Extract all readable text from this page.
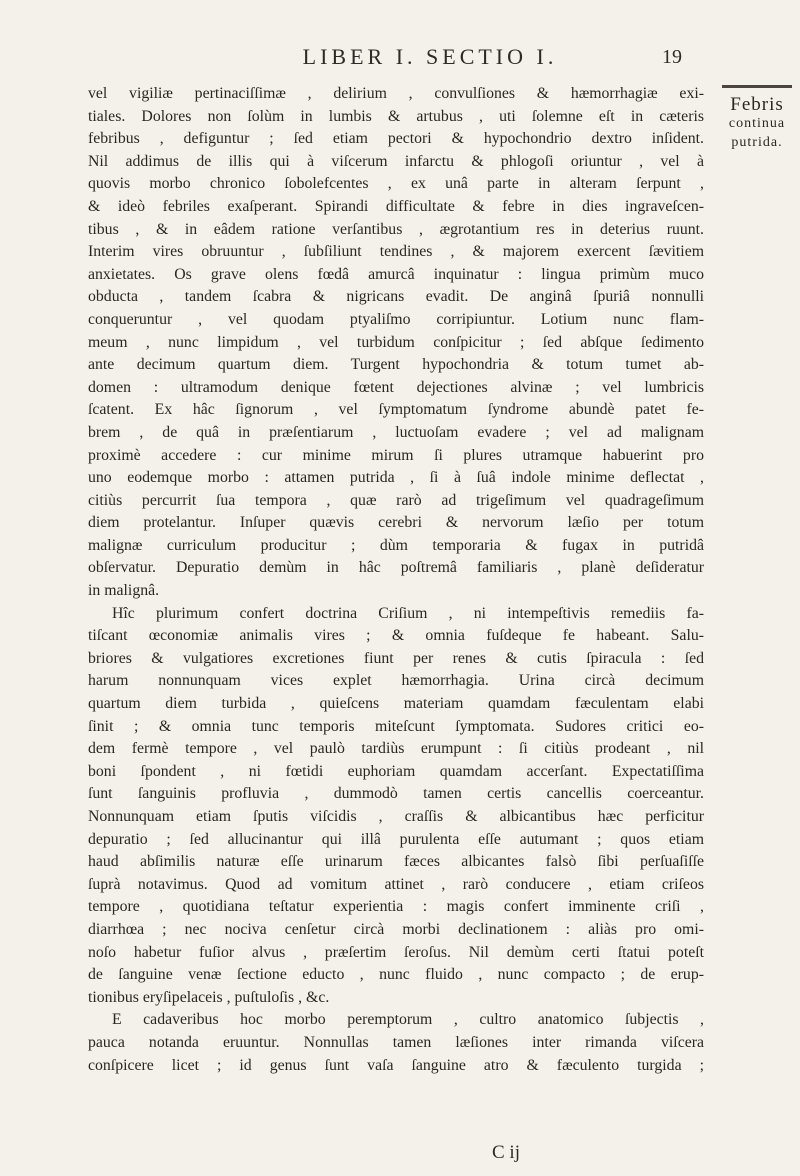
LIBER I. SECTIO I.	19
Febris
continua
putrida.
vel vigiliæ pertinaciſſimæ , delirium , convulſiones & hæmorrhagiæ exi-
tiales. Dolores non ſolùm in lumbis & artubus , uti ſolemne eſt in cæteris
febribus , defiguntur ; ſed etiam pectori & hypochondrio dextro inſident.
Nil addimus de illis qui à viſcerum infarctu & phlogoſi oriuntur , vel à
quovis morbo chronico ſobolefcentes , ex unâ parte in alteram ſerpunt ,
& ideò febriles exaſperant. Spirandi difficultate & febre in dies ingraveſcen-
tibus , & in eâdem ratione verſantibus , ægrotantium res in deterius ruunt.
Interim vires obruuntur , ſubſiliunt tendines , & majorem exercent ſævitiem
anxietates. Os grave olens fœdâ amurcâ inquinatur : lingua primùm muco
obducta , tandem ſcabra & nigricans evadit. De anginâ ſpuriâ nonnulli
conqueruntur , vel quodam ptyaliſmo corripiuntur. Lotium nunc flam-
meum , nunc limpidum , vel turbidum conſpicitur ; ſed abſque ſedimento
ante decimum quartum diem. Turgent hypochondria & totum tumet ab-
domen : ultramodum denique fœtent dejectiones alvinæ ; vel lumbricis
ſcatent. Ex hâc ſignorum , vel ſymptomatum ſyndrome abundè patet fe-
brem , de quâ in præſentiarum , luctuoſam evadere ; vel ad malignam
proximè accedere : cur minime mirum ſi plures utramque habuerint pro
uno eodemque morbo : attamen putrida , ſi à ſuâ indole minime deflectat ,
citiùs percurrit ſua tempora , quæ rarò ad trigeſimum vel quadrageſimum
diem protelantur. Inſuper quævis cerebri & nervorum læſio per totum
malignæ curriculum producitur ; dùm temporaria & fugax in putridâ
obſervatur. Depuratio demùm in hâc poſtremâ familiaris , planè deſideratur
in malignâ.
Hîc plurimum confert doctrina Criſium , ni intempeſtivis remediis fa-
tiſcant œconomiæ animalis vires ; & omnia fuſdeque fe habeant. Salu-
briores & vulgatiores excretiones fiunt per renes & cutis ſpiracula : ſed
harum nonnunquam vices explet hæmorrhagia. Urina circà decimum
quartum diem turbida , quieſcens materiam quamdam fæculentam elabi
ſinit ; & omnia tunc temporis miteſcunt ſymptomata. Sudores critici eo-
dem fermè tempore , vel paulò tardiùs erumpunt : ſi citiùs prodeant , nil
boni ſpondent , ni fœtidi euphoriam quamdam accerſant. Expectatiſſima
ſunt ſanguinis profluvia , dummodò tamen certis cancellis coerceantur.
Nonnunquam etiam ſputis viſcidis , craſſis & albicantibus hæc perficitur
depuratio ; ſed allucinantur qui illâ purulenta eſſe autumant ; quos etiam
haud abſimilis naturæ eſſe urinarum fæces albicantes falsò ſibi perſuaſiſſe
ſuprà notavimus. Quod ad vomitum attinet , rarò conducere , etiam criſeos
tempore , quotidiana teſtatur experientia : magis confert imminente criſi ,
diarrhœa ; nec nociva cenſetur circà morbi declinationem : aliàs pro omi-
noſo habetur fuſior alvus , præſertim ſeroſus. Nil demùm certi ſtatui poteſt
de ſanguine venæ ſectione educto , nunc fluido , nunc compacto ; de erup-
tionibus eryſipelaceis , puſtuloſis , &c.
E cadaveribus hoc morbo peremptorum , cultro anatomico ſubjectis ,
pauca notanda eruuntur. Nonnullas tamen læſiones inter rimanda viſcera
conſpicere licet ; id genus ſunt vaſa ſanguine atro & fæculento turgida ;
C ij
